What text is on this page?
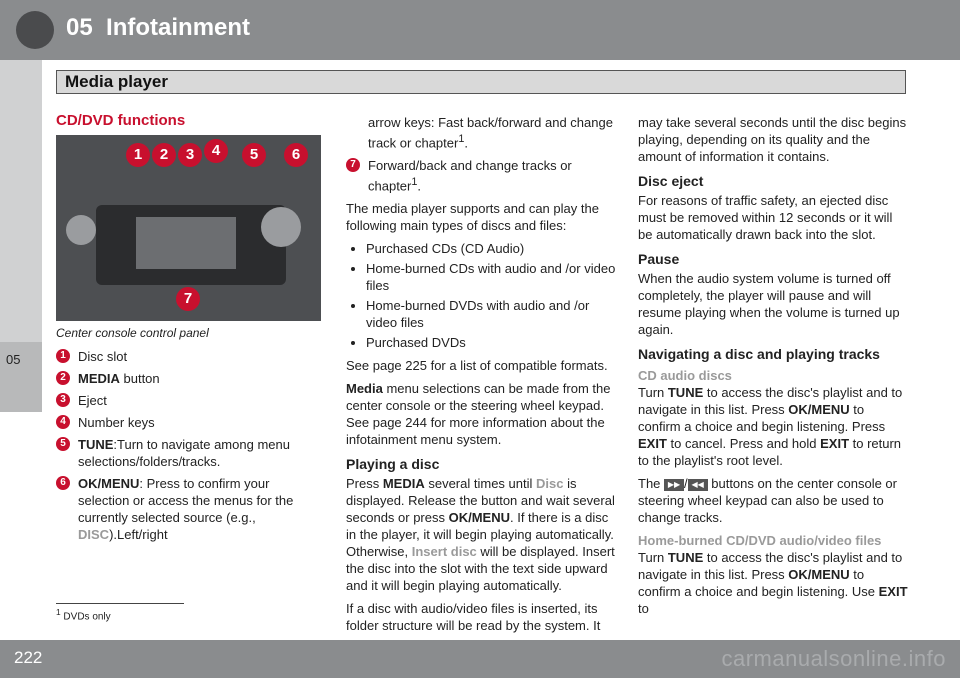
05 Infotainment
Media player
05
CD/DVD functions
1	2	3	4	5	6
7
Center console control panel
1 Disc slot
2 MEDIA button
3 Eject
4 Number keys
5 TUNE:Turn to navigate among menu selections/folders/tracks.
6 OK/MENU: Press to confirm your selection or access the menus for the currently selected source (e.g., DISC).Left/right

arrow keys: Fast back/forward and change track or chapter$^1$.

7 Forward/back and change tracks or chapter$^1$.

The media player supports and can play the following main types of discs and files:

• Purchased CDs (CD Audio)
• Home-burned CDs with audio and /or video files
• Home-burned DVDs with audio and /or video files
• Purchased DVDs

See page 225 for a list of compatible formats.

Media menu selections can be made from the center console or the steering wheel keypad. See page 244 for more information about the infotainment menu system.

Playing a disc

Press MEDIA several times until Disc is displayed. Release the button and wait several seconds or press OK/MENU. If there is a disc in the player, it will begin playing automatically. Otherwise, Insert disc will be displayed. Insert the disc into the slot with the text side upward and it will begin playing automatically.

If a disc with audio/video files is inserted, its folder structure will be read by the system. It

may take several seconds until the disc begins playing, depending on its quality and the amount of information it contains.

Disc eject

For reasons of traffic safety, an ejected disc must be removed within 12 seconds or it will be automatically drawn back into the slot.

Pause

When the audio system volume is turned off completely, the player will pause and will resume playing when the volume is turned up again.

Navigating a disc and playing tracks
CD audio discs

Turn TUNE to access the disc's playlist and to navigate in this list. Press OK/MENU to confirm a choice and begin listening. Press EXIT to cancel. Press and hold EXIT to return to the playlist's root level.

The ▶▶ / ◀◀ buttons on the center console or steering wheel keypad can also be used to change tracks.

Home-burned CD/DVD audio/video files

Turn TUNE to access the disc's playlist and to navigate in this list. Press OK/MENU to confirm a choice and begin listening. Use EXIT to

$^1$ DVDs only
222	carmanualsonline.info
